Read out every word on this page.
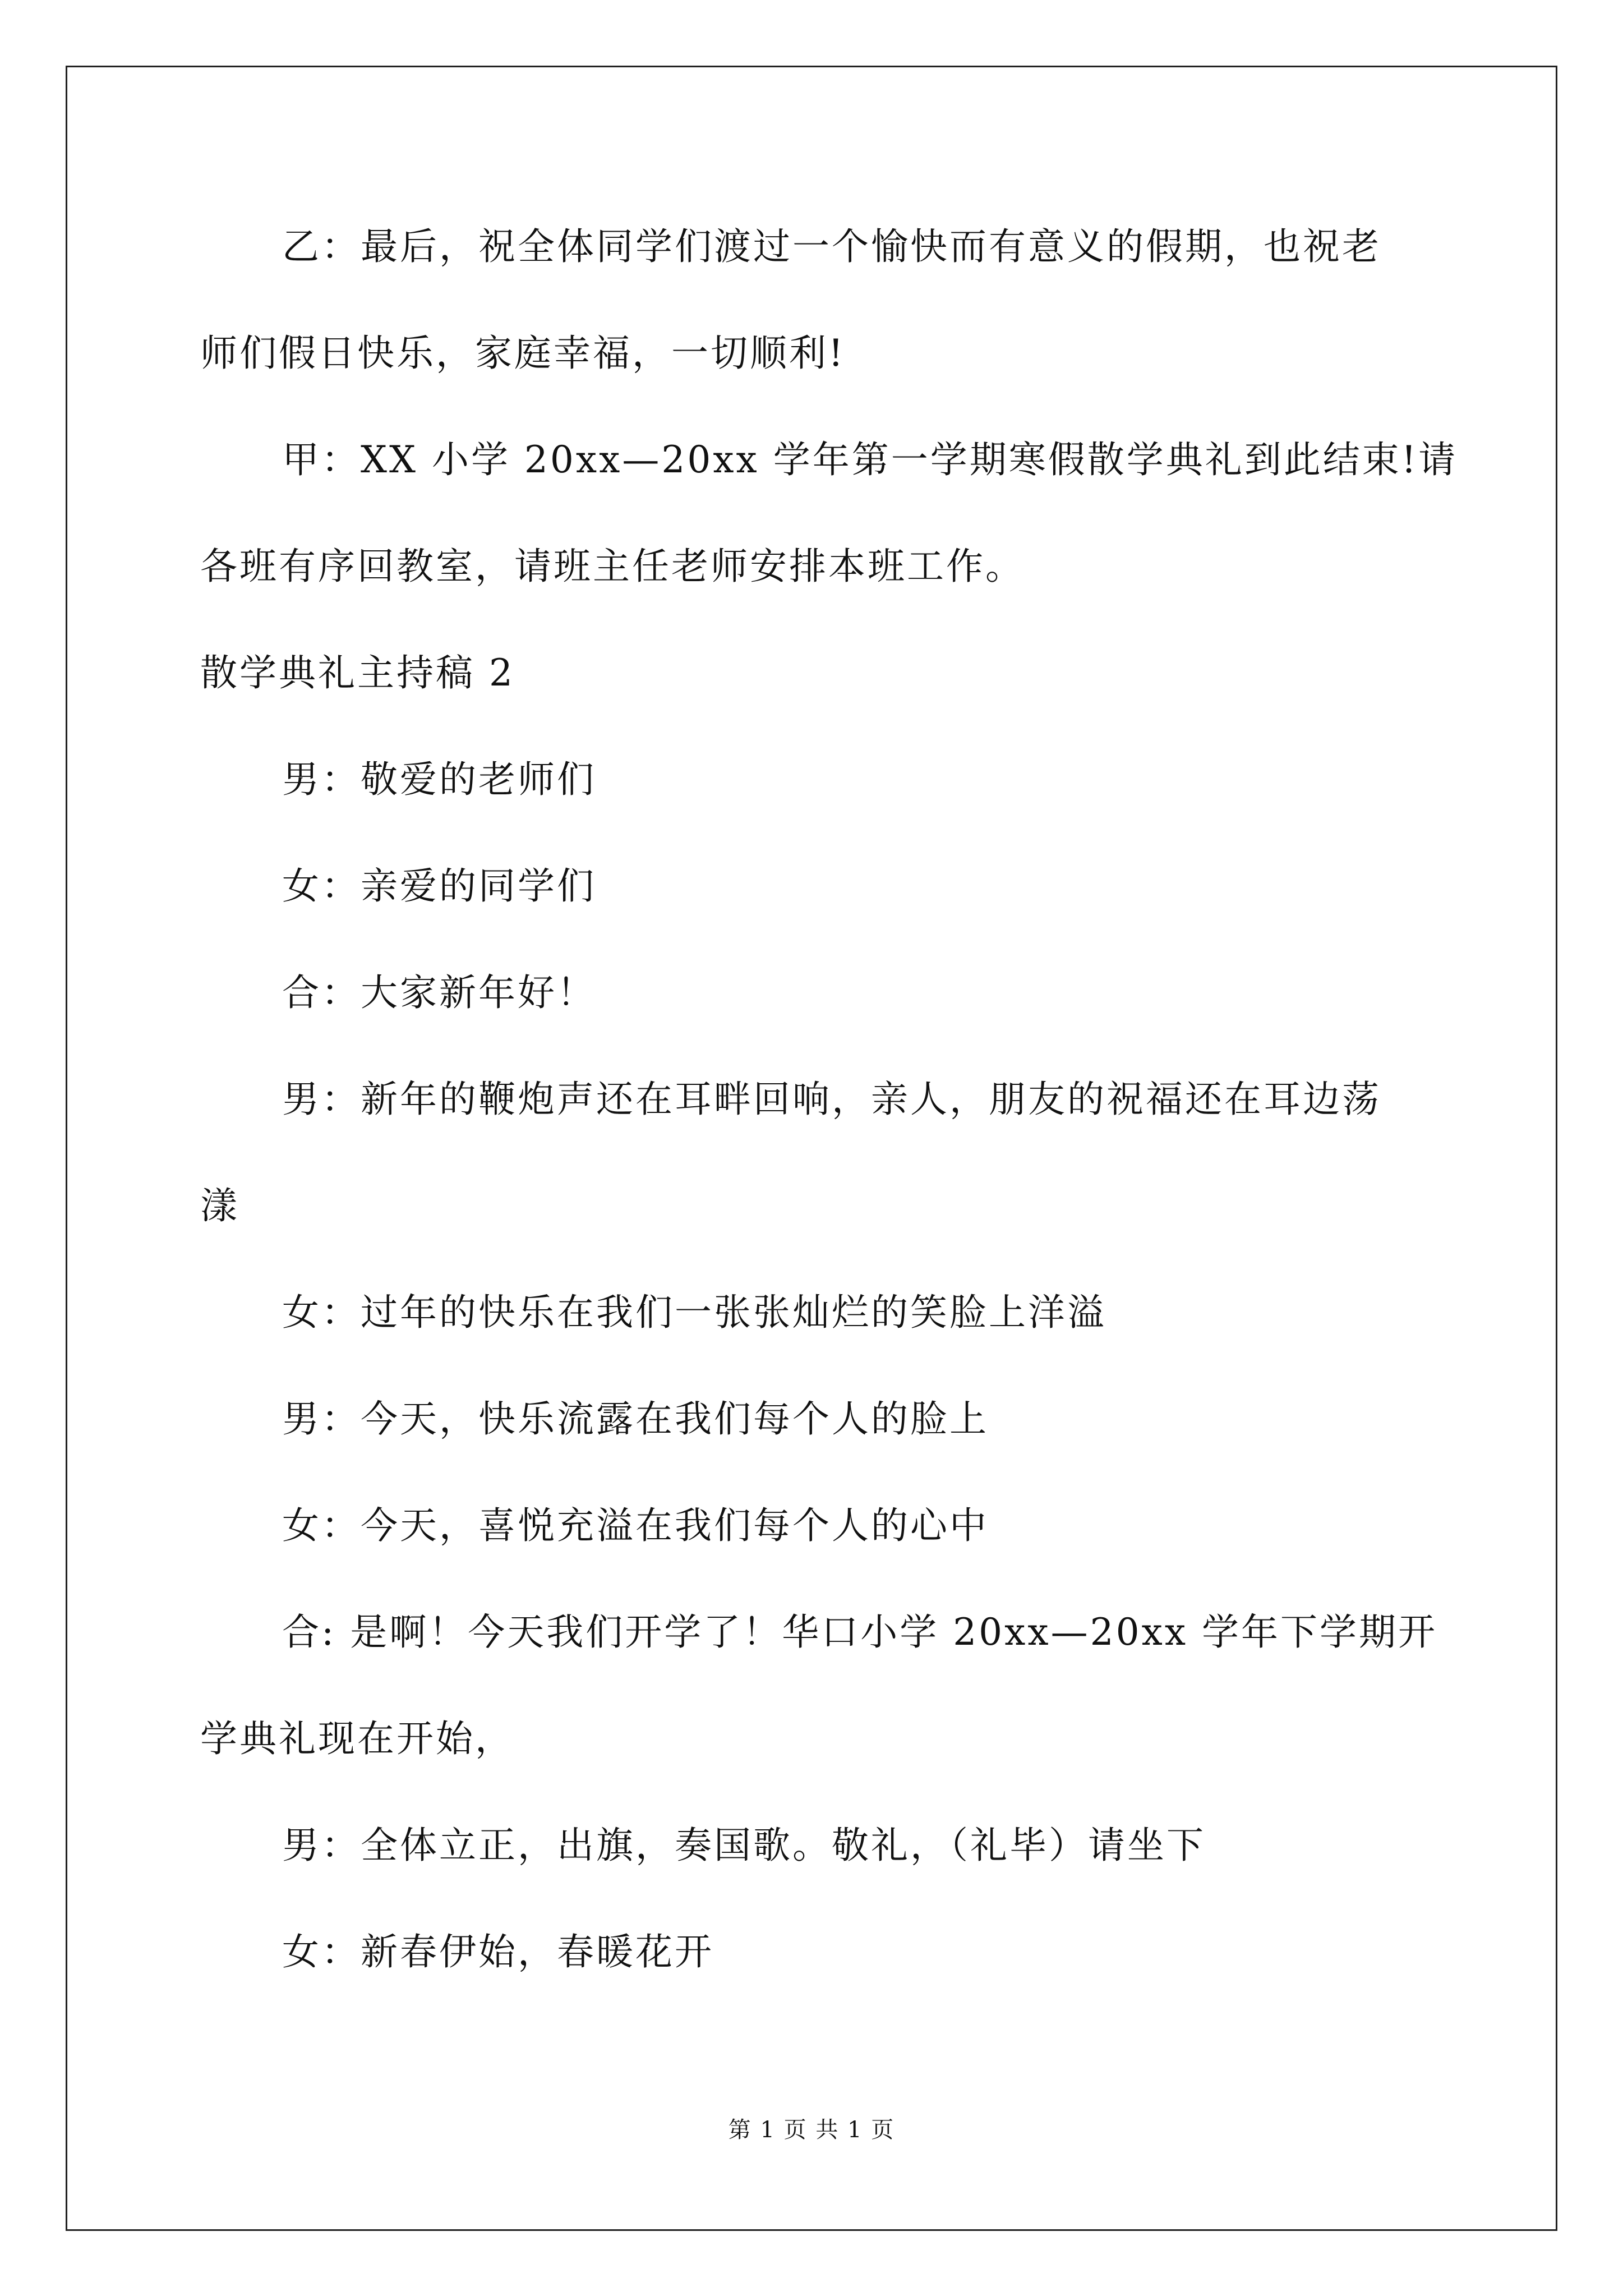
乙：最后，祝全体同学们渡过一个愉快而有意义的假期，也祝老
师们假日快乐，家庭幸福，一切顺利!
甲：XX 小学 20xx—20xx 学年第一学期寒假散学典礼到此结束!请
各班有序回教室，请班主任老师安排本班工作。
散学典礼主持稿 2
男：敬爱的老师们
女：亲爱的同学们
合：大家新年好！
男：新年的鞭炮声还在耳畔回响，亲人，朋友的祝福还在耳边荡
漾
女：过年的快乐在我们一张张灿烂的笑脸上洋溢
男：今天，快乐流露在我们每个人的脸上
女：今天，喜悦充溢在我们每个人的心中
合: 是啊！今天我们开学了！华口小学 20xx—20xx 学年下学期开
学典礼现在开始，
男：全体立正，出旗，奏国歌。敬礼，（礼毕）请坐下
女：新春伊始，春暖花开
第 1 页 共 1 页
